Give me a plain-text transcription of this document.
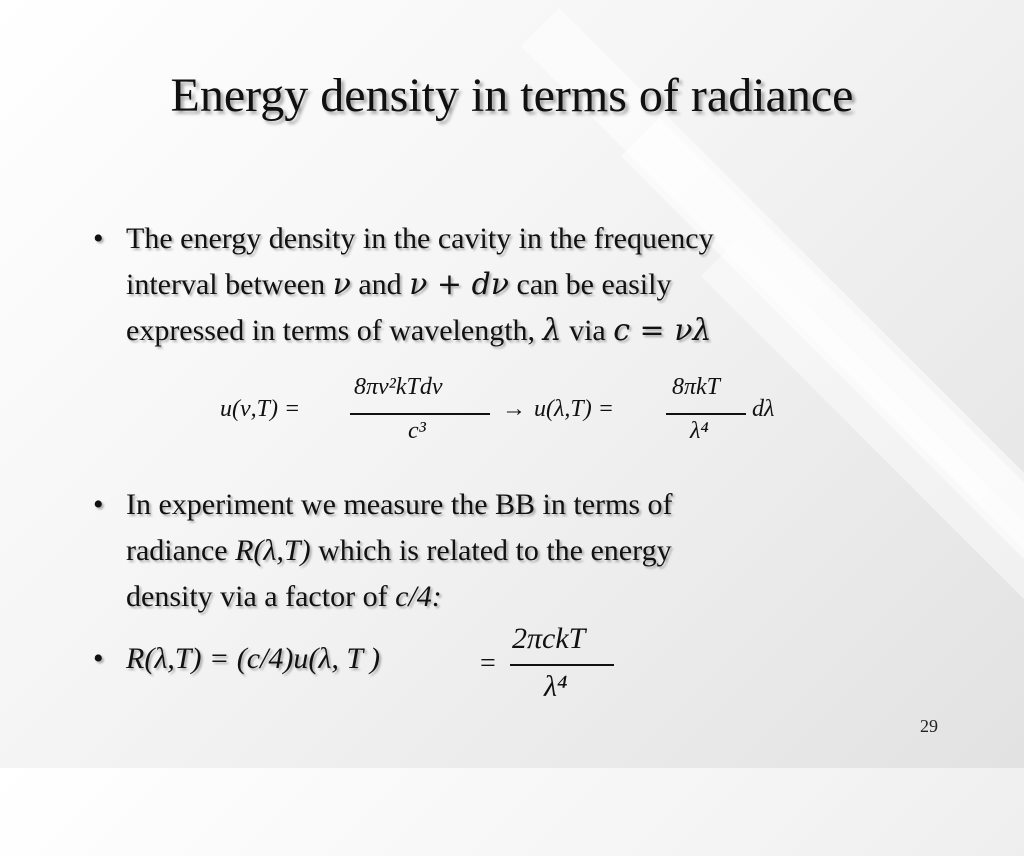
Energy density in terms of radiance
• The energy density in the cavity in the frequency
interval between ν and ν + dν can be easily
expressed in terms of wavelength, λ via c = νλ
u(ν,T) =
8πν²kTdν
c³
→ u(λ,T) =
8πkT
λ⁴
dλ
• In experiment we measure the BB in terms of
radiance R(λ,T) which is related to the energy
density via a factor of c/4:
• R(λ,T) = (c/4)u(λ, T )	=
2πckT
λ⁴
29
